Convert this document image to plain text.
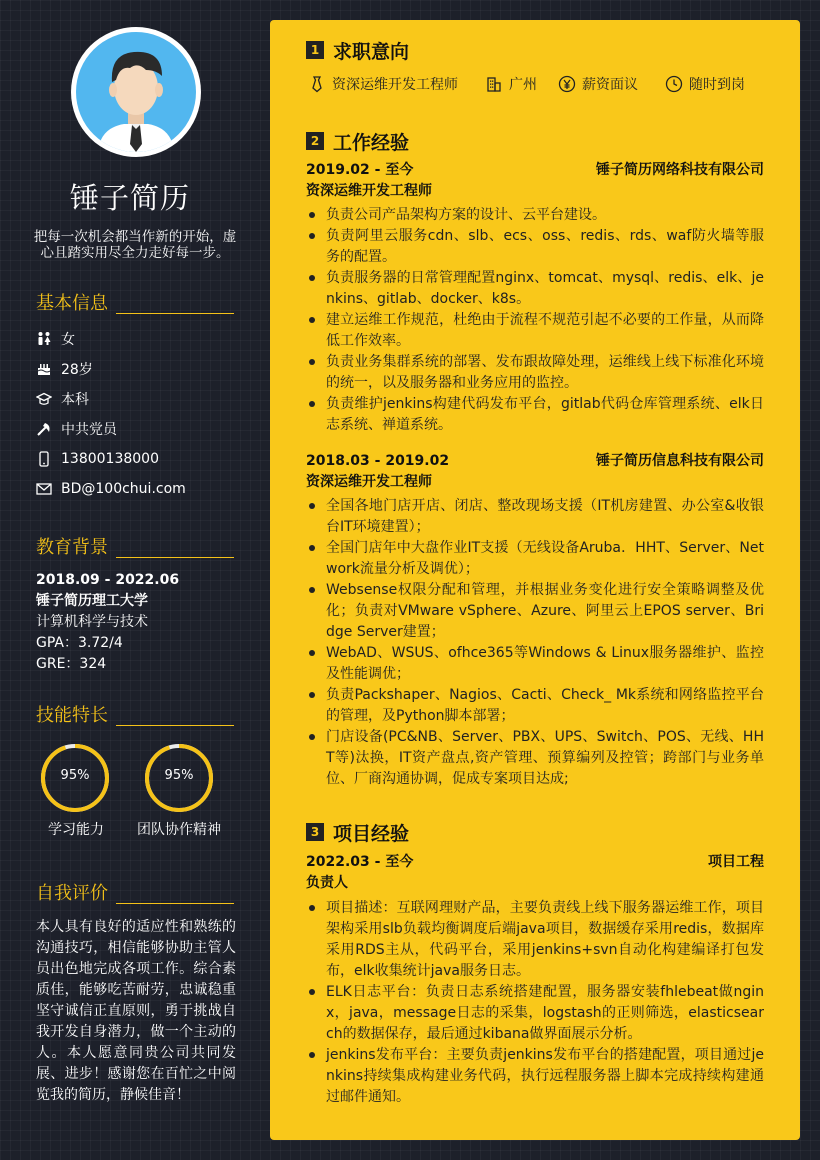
锤子简历
把每一次机会都当作新的开始，虚心且踏实用尽全力走好每一步。
基本信息
女
28岁
本科
中共党员
13800138000
BD@100chui.com
教育背景
2018.09 - 2022.06
锤子简历理工大学
计算机科学与技术
GPA：3.72/4
GRE：324
技能特长
95%
学习能力
95%
团队协作精神
自我评价
本人具有良好的适应性和熟练的沟通技巧，相信能够协助主管人员出色地完成各项工作。综合素质佳，能够吃苦耐劳，忠诚稳重坚守诚信正直原则，勇于挑战自我开发自身潜力，做一个主动的人。本人愿意同贵公司共同发展、进步！感谢您在百忙之中阅览我的简历，静候佳音！
1 求职意向
资深运维开发工程师	广州	薪资面议	随时到岗
2 工作经验
2019.02 - 至今	锤子简历网络科技有限公司
资深运维开发工程师
负责公司产品架构方案的设计、云平台建设。
负责阿里云服务cdn、slb、ecs、oss、redis、rds、waf防火墙等服务的配置。
负责服务器的日常管理配置nginx、tomcat、mysql、redis、elk、jenkins、gitlab、docker、k8s。
建立运维工作规范，杜绝由于流程不规范引起不必要的工作量，从而降低工作效率。
负责业务集群系统的部署、发布跟故障处理，运维线上线下标准化环境的统一，以及服务器和业务应用的监控。
负责维护jenkins构建代码发布平台，gitlab代码仓库管理系统、elk日志系统、禅道系统。
2018.03 - 2019.02	锤子简历信息科技有限公司
资深运维开发工程师
全国各地门店开店、闭店、整改现场支援（IT机房建置、办公室&收银台IT环境建置）；
全国门店年中大盘作业IT支援（无线设备Aruba．HHT、Server、Network流量分析及调优）；
Websense权限分配和管理，并根据业务变化进行安全策略调整及优化；负责对VMware vSphere、Azure、阿里云上EPOS server、Bridge Server建置；
WebAD、WSUS、ofhce365等Windows & Linux服务器维护、监控及性能调优；
负责Packshaper、Nagios、Cacti、Check_ Mk系统和网络监控平台的管理，及Python脚本部署；
门店设备(PC&NB、Server、PBX、UPS、Switch、POS、无线、HHT等)汰换，IT资产盘点,资产管理、预算编列及控管；跨部门与业务单位、厂商沟通协调，促成专案项目达成;
3 项目经验
2022.03 - 至今	项目工程
负责人
项目描述：互联网理财产品，主要负责线上线下服务器运维工作，项目架构采用slb负载均衡调度后端java项目，数据缓存采用redis，数据库采用RDS主从，代码平台，采用jenkins+svn自动化构建编译打包发布，elk收集统计java服务日志。
ELK日志平台：负责日志系统搭建配置，服务器安装fhlebeat做nginx，java，message日志的采集，logstash的正则筛选，elasticsearch的数据保存，最后通过kibana做界面展示分析。
jenkins发布平台：主要负责jenkins发布平台的搭建配置，项目通过jenkins持续集成构建业务代码，执行远程服务器上脚本完成持续构建通过邮件通知。
